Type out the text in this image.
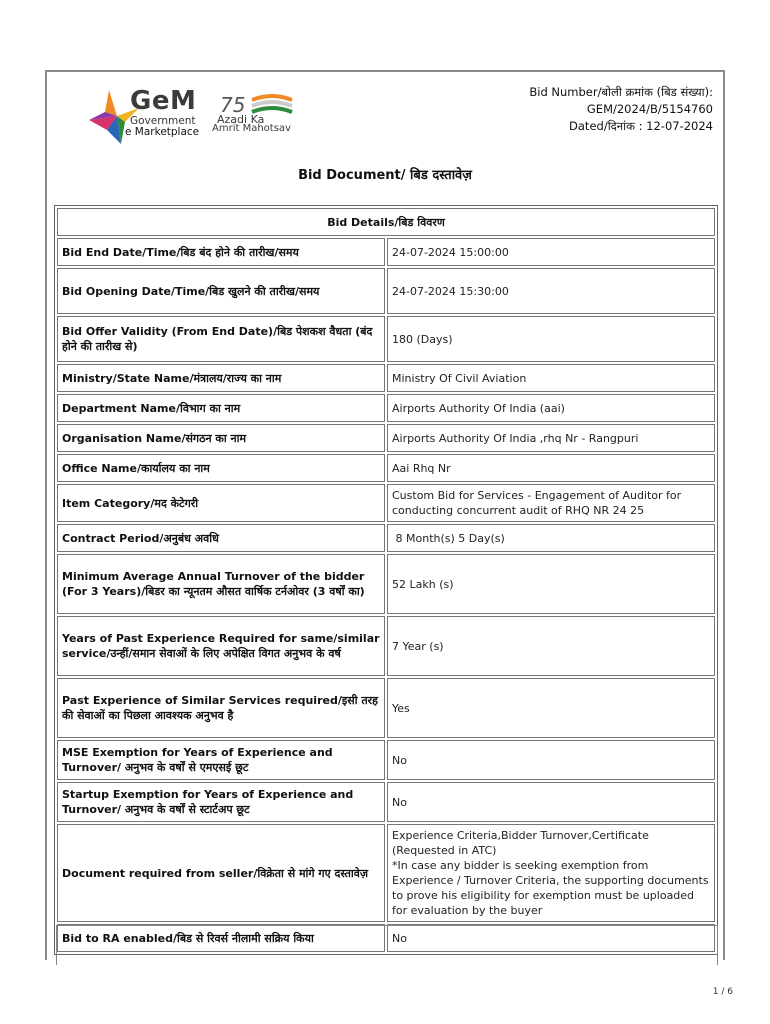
GeM
Government
e Marketplace
75
Azadi Ka
Amrit Mahotsav
Bid Number/बोली क्रमांक (बिड संख्या):
GEM/2024/B/5154760
Dated/दिनांक : 12-07-2024
Bid Document/ बिड दस्तावेज़
Bid Details/बिड विवरण	
Bid End Date/Time/बिड बंद होने की तारीख/समय	24-07-2024 15:00:00
Bid Opening Date/Time/बिड खुलने की तारीख/समय	24-07-2024 15:30:00
Bid Offer Validity (From End Date)/बिड पेशकश वैधता (बंद होने की तारीख से)	180 (Days)
Ministry/State Name/मंत्रालय/राज्य का नाम	Ministry Of Civil Aviation
Department Name/विभाग का नाम	Airports Authority Of India (aai)
Organisation Name/संगठन का नाम	Airports Authority Of India ,rhq Nr - Rangpuri
Office Name/कार्यालय का नाम	Aai Rhq Nr
Item Category/मद केटेगरी	Custom Bid for Services - Engagement of Auditor for conducting concurrent audit of RHQ NR 24 25
Contract Period/अनुबंध अवधि	8 Month(s) 5 Day(s)
Minimum Average Annual Turnover of the bidder (For 3 Years)/बिडर का न्यूनतम औसत वार्षिक टर्नओवर (3 वर्षों का)	52 Lakh (s)
Years of Past Experience Required for same/similar service/उन्हीं/समान सेवाओं के लिए अपेक्षित विगत अनुभव के वर्ष	7 Year (s)
Past Experience of Similar Services required/इसी तरह की सेवाओं का पिछला आवश्यक अनुभव है	Yes
MSE Exemption for Years of Experience and Turnover/ अनुभव के वर्षों से एमएसई छूट	No
Startup Exemption for Years of Experience and Turnover/ अनुभव के वर्षों से स्टार्टअप छूट	No
Document required from seller/विक्रेता से मांगे गए दस्तावेज़	Experience Criteria,Bidder Turnover,Certificate (Requested in ATC)
*In case any bidder is seeking exemption from Experience / Turnover Criteria, the supporting documents to prove his eligibility for exemption must be uploaded for evaluation by the buyer
Bid to RA enabled/बिड से रिवर्स नीलामी सक्रिय किया	No
1 / 6
